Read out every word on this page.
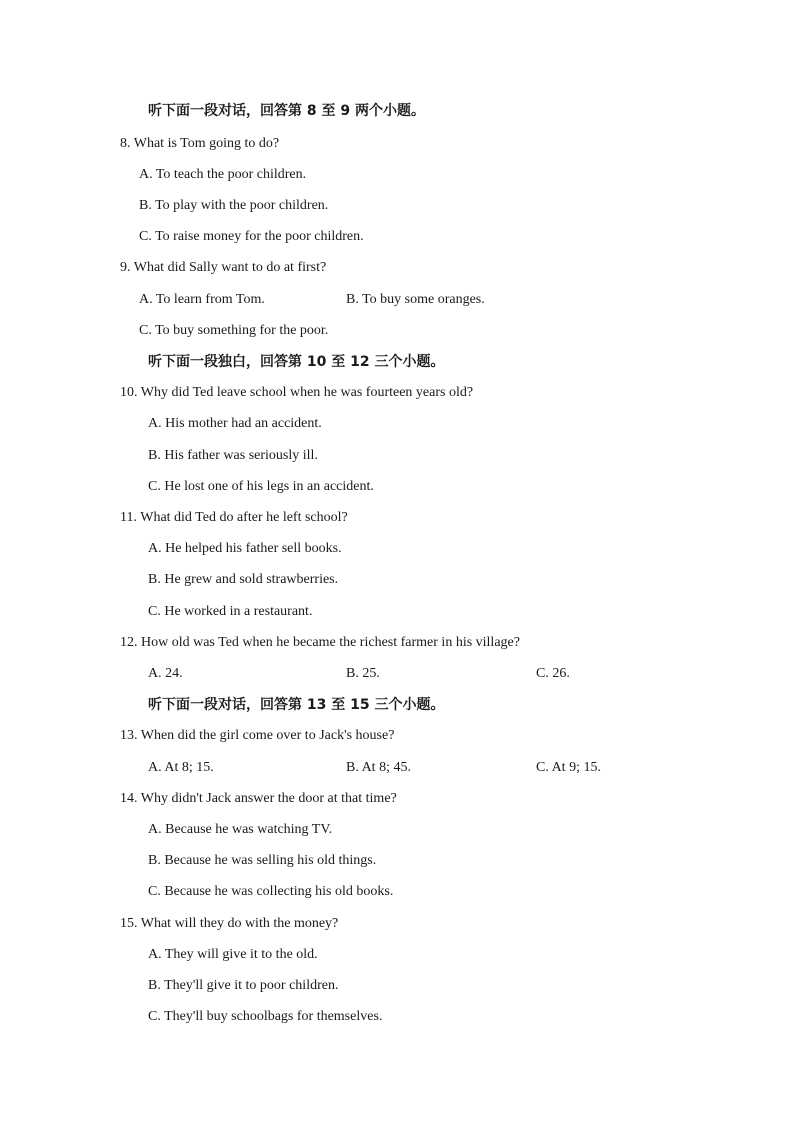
听下面一段对话，回答第 8 至 9 两个小题。
8. What is Tom going to do?
A. To teach the poor children.
B. To play with the poor children.
C. To raise money for the poor children.
9. What did Sally want to do at first?
A. To learn from Tom.	B. To buy some oranges.
C. To buy something for the poor.
听下面一段独白，回答第 10 至 12 三个小题。
10. Why did Ted leave school when he was fourteen years old?
A. His mother had an accident.
B. His father was seriously ill.
C. He lost one of his legs in an accident.
11. What did Ted do after he left school?
A. He helped his father sell books.
B. He grew and sold strawberries.
C. He worked in a restaurant.
12. How old was Ted when he became the richest farmer in his village?
A. 24.	B. 25.	C. 26.
听下面一段对话，回答第 13 至 15 三个小题。
13. When did the girl come over to Jack's house?
A. At 8; 15.	B. At 8; 45.	C. At 9; 15.
14. Why didn't Jack answer the door at that time?
A. Because he was watching TV.
B. Because he was selling his old things.
C. Because he was collecting his old books.
15. What will they do with the money?
A. They will give it to the old.
B. They'll give it to poor children.
C. They'll buy schoolbags for themselves.
